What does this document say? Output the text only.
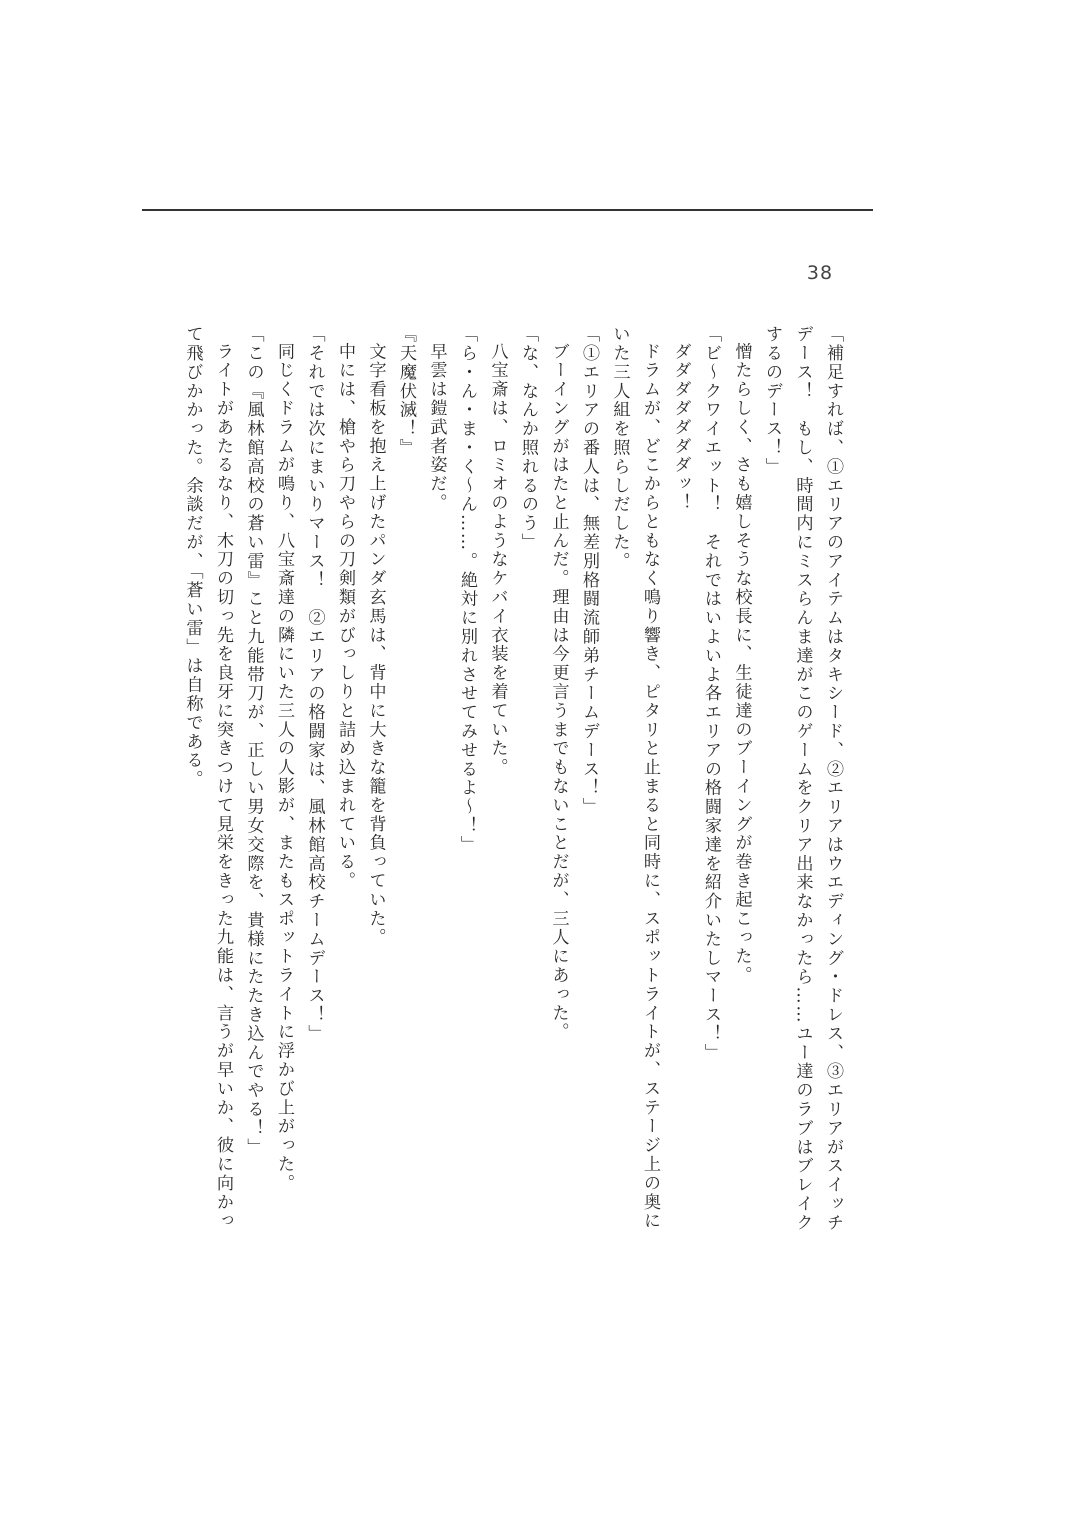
38
「補足すれば、①エリアのアイテムはタキシード、②エリアはウエディング・ドレス、③エリアがスイッチ
デース！　もし、時間内にミスらんま達がこのゲームをクリア出来なかったら……ユー達のラブはブレイク
するのデース！」
憎たらしく、さも嬉しそうな校長に、生徒達のブーイングが巻き起こった。
「ビ〜クワイエット！　それではいよいよ各エリアの格闘家達を紹介いたしマース！」
ダダダダダダダッ！
ドラムが、どこからともなく鳴り響き、ピタリと止まると同時に、スポットライトが、ステージ上の奥に
いた三人組を照らしだした。
「①エリアの番人は、無差別格闘流師弟チームデース！」
ブーイングがはたと止んだ。理由は今更言うまでもないことだが、三人にあった。
「な、なんか照れるのう」
八宝斎は、ロミオのようなケバイ衣装を着ていた。
「ら・ん・ま・く〜ん……。絶対に別れさせてみせるよ〜！」
早雲は鎧武者姿だ。
『天魔伏滅！』
文字看板を抱え上げたパンダ玄馬は、背中に大きな籠を背負っていた。
中には、槍やら刀やらの刀剣類がびっしりと詰め込まれている。
「それでは次にまいりマース！　②エリアの格闘家は、風林館高校チームデース！」
同じくドラムが鳴り、八宝斎達の隣にいた三人の人影が、またもスポットライトに浮かび上がった。
「この『風林館高校の蒼い雷』こと九能帯刀が、正しい男女交際を、貴様にたたき込んでやる！」
ライトがあたるなり、木刀の切っ先を良牙に突きつけて見栄をきった九能は、言うが早いか、彼に向かっ
て飛びかかった。余談だが、「蒼い雷」は自称である。
